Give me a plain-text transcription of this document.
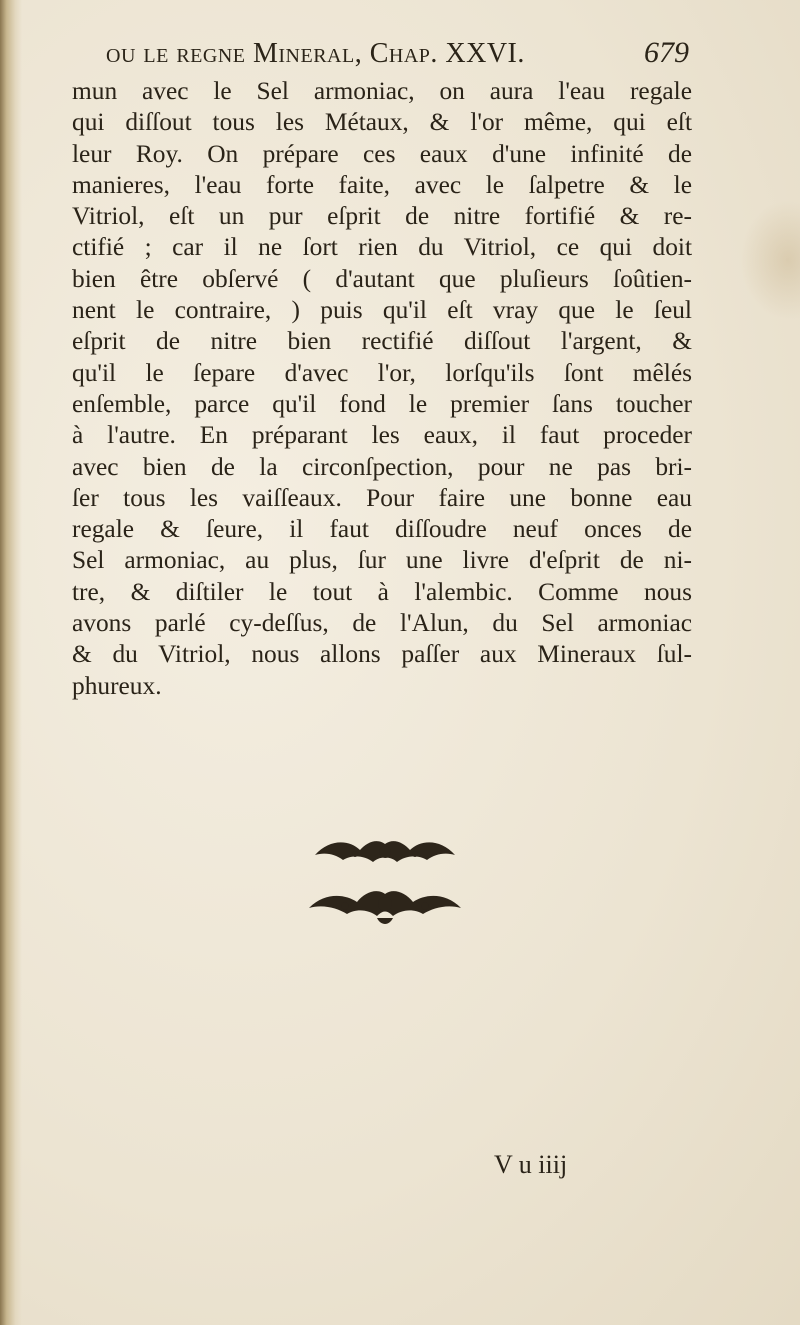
ou le regne Mineral, Chap. XXVI.	679
mun avec le Sel armoniac, on aura l'eau regale
qui diſſout tous les Métaux, & l'or même, qui eſt
leur Roy. On prépare ces eaux d'une infinité de
manieres, l'eau forte faite, avec le ſalpetre & le
Vitriol, eſt un pur eſprit de nitre fortifié & re-
ctifié ; car il ne ſort rien du Vitriol, ce qui doit
bien être obſervé ( d'autant que pluſieurs ſoûtien-
nent le contraire, ) puis qu'il eſt vray que le ſeul
eſprit de nitre bien rectifié diſſout l'argent, &
qu'il le ſepare d'avec l'or, lorſqu'ils ſont mêlés
enſemble, parce qu'il fond le premier ſans toucher
à l'autre. En préparant les eaux, il faut proceder
avec bien de la circonſpection, pour ne pas bri-
ſer tous les vaiſſeaux. Pour faire une bonne eau
regale & ſeure, il faut diſſoudre neuf onces de
Sel armoniac, au plus, ſur une livre d'eſprit de ni-
tre, & diſtiler le tout à l'alembic. Comme nous
avons parlé cy-deſſus, de l'Alun, du Sel armoniac
& du Vitriol, nous allons paſſer aux Mineraux ſul-
phureux.
V u iiij
